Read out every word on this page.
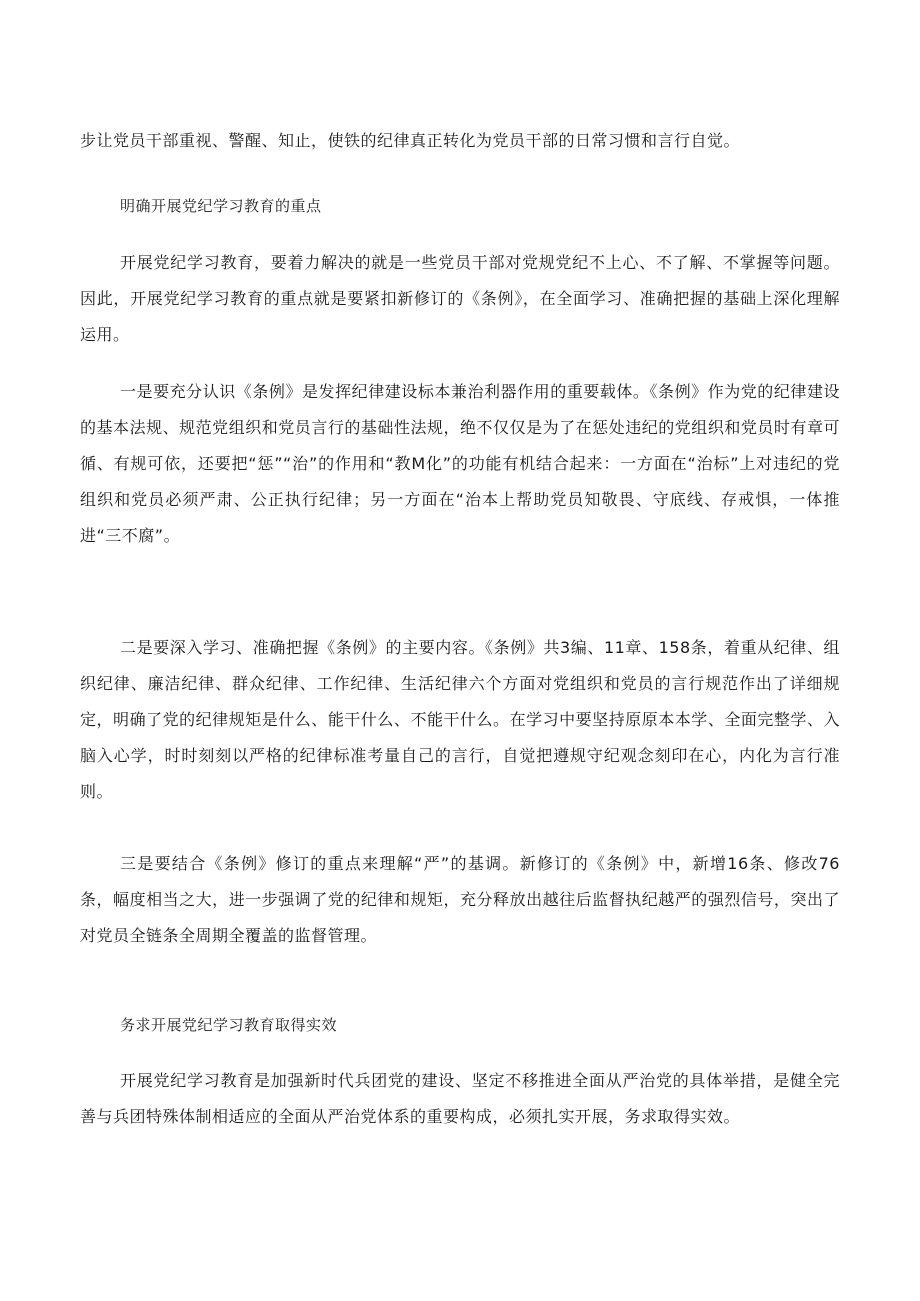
步让党员干部重视、警醒、知止，使铁的纪律真正转化为党员干部的日常习惯和言行自觉。

明确开展党纪学习教育的重点

开展党纪学习教育，要着力解决的就是一些党员干部对党规党纪不上心、不了解、不掌握等问题。因此，开展党纪学习教育的重点就是要紧扣新修订的《条例》，在全面学习、准确把握的基础上深化理解运用。

一是要充分认识《条例》是发挥纪律建设标本兼治利器作用的重要载体。《条例》作为党的纪律建设的基本法规、规范党组织和党员言行的基础性法规，绝不仅仅是为了在惩处违纪的党组织和党员时有章可循、有规可依，还要把“惩”“治”的作用和“教M化”的功能有机结合起来：一方面在“治标”上对违纪的党组织和党员必须严肃、公正执行纪律；另一方面在“治本上帮助党员知敬畏、守底线、存戒惧，一体推进“三不腐”。

二是要深入学习、准确把握《条例》的主要内容。《条例》共3编、11章、158条，着重从纪律、组织纪律、廉洁纪律、群众纪律、工作纪律、生活纪律六个方面对党组织和党员的言行规范作出了详细规定，明确了党的纪律规矩是什么、能干什么、不能干什么。在学习中要坚持原原本本学、全面完整学、入脑入心学，时时刻刻以严格的纪律标准考量自己的言行，自觉把遵规守纪观念刻印在心，内化为言行准则。

三是要结合《条例》修订的重点来理解“严”的基调。新修订的《条例》中，新增16条、修改76条，幅度相当之大，进一步强调了党的纪律和规矩，充分释放出越往后监督执纪越严的强烈信号，突出了对党员全链条全周期全覆盖的监督管理。

务求开展党纪学习教育取得实效

开展党纪学习教育是加强新时代兵团党的建设、坚定不移推进全面从严治党的具体举措，是健全完善与兵团特殊体制相适应的全面从严治党体系的重要构成，必须扎实开展，务求取得实效。
